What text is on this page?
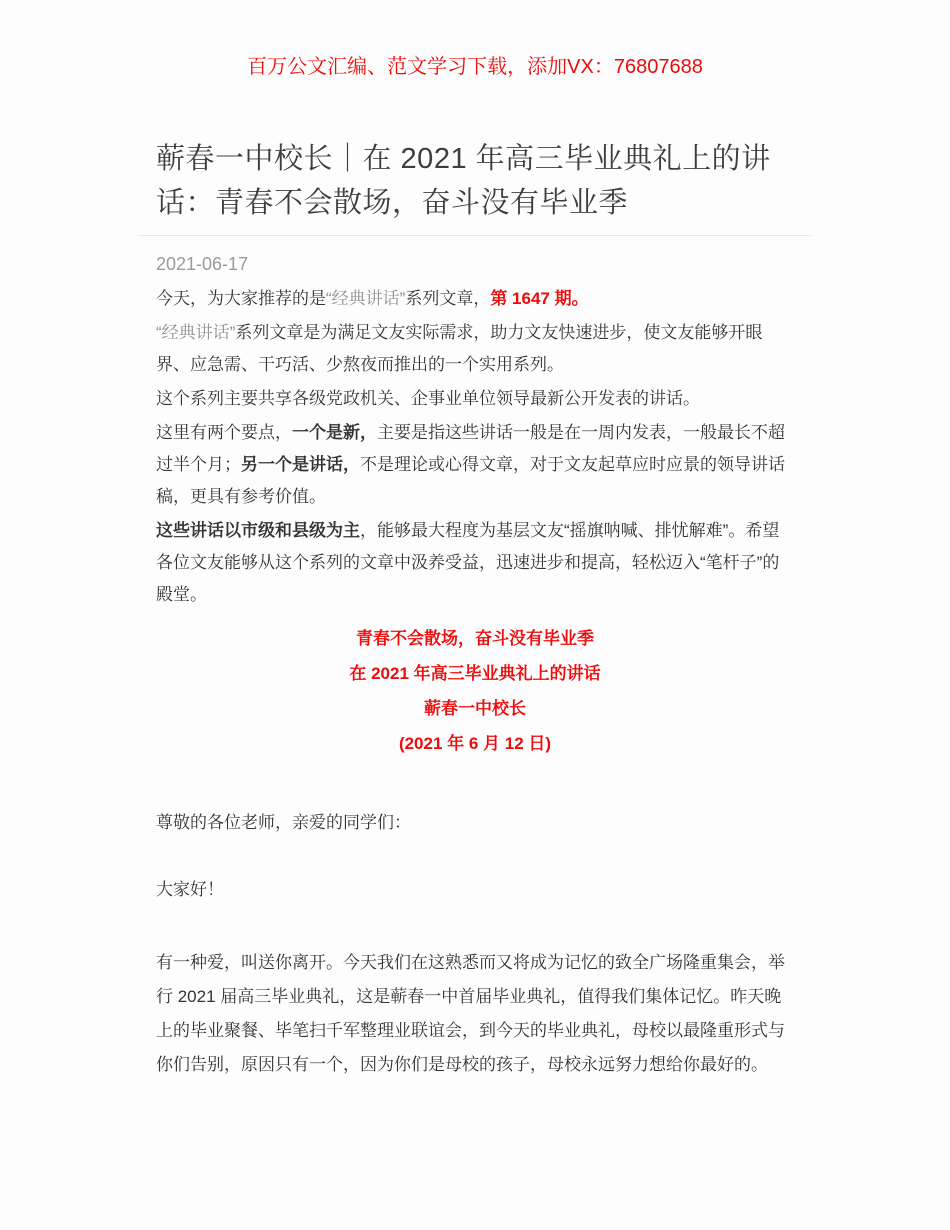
百万公文汇编、范文学习下载，添加VX：76807688
蕲春一中校长｜在 2021 年高三毕业典礼上的讲话：青春不会散场，奋斗没有毕业季
2021-06-17

今天，为大家推荐的是“经典讲话”系列文章，第 1647 期。

“经典讲话”系列文章是为满足文友实际需求，助力文友快速进步，使文友能够开眼界、应急需、干巧活、少熬夜而推出的一个实用系列。

这个系列主要共享各级党政机关、企事业单位领导最新公开发表的讲话。

这里有两个要点，一个是新，主要是指这些讲话一般是在一周内发表，一般最长不超过半个月；另一个是讲话，不是理论或心得文章，对于文友起草应时应景的领导讲话稿，更具有参考价值。

这些讲话以市级和县级为主，能够最大程度为基层文友“摇旗呐喊、排忧解难”。希望各位文友能够从这个系列的文章中汲养受益，迅速进步和提高，轻松迈入“笔杆子”的殿堂。

青春不会散场，奋斗没有毕业季

在 2021 年高三毕业典礼上的讲话

蕲春一中校长

(2021 年 6 月 12 日)

尊敬的各位老师，亲爱的同学们：

大家好！

有一种爱，叫送你离开。今天我们在这熟悉而又将成为记忆的致全广场隆重集会，举行 2021 届高三毕业典礼，这是蕲春一中首届毕业典礼，值得我们集体记忆。昨天晚上的毕业聚餐、毕笔扫千军整理业联谊会，到今天的毕业典礼，母校以最隆重形式与你们告别，原因只有一个，因为你们是母校的孩子，母校永远努力想给你最好的。
